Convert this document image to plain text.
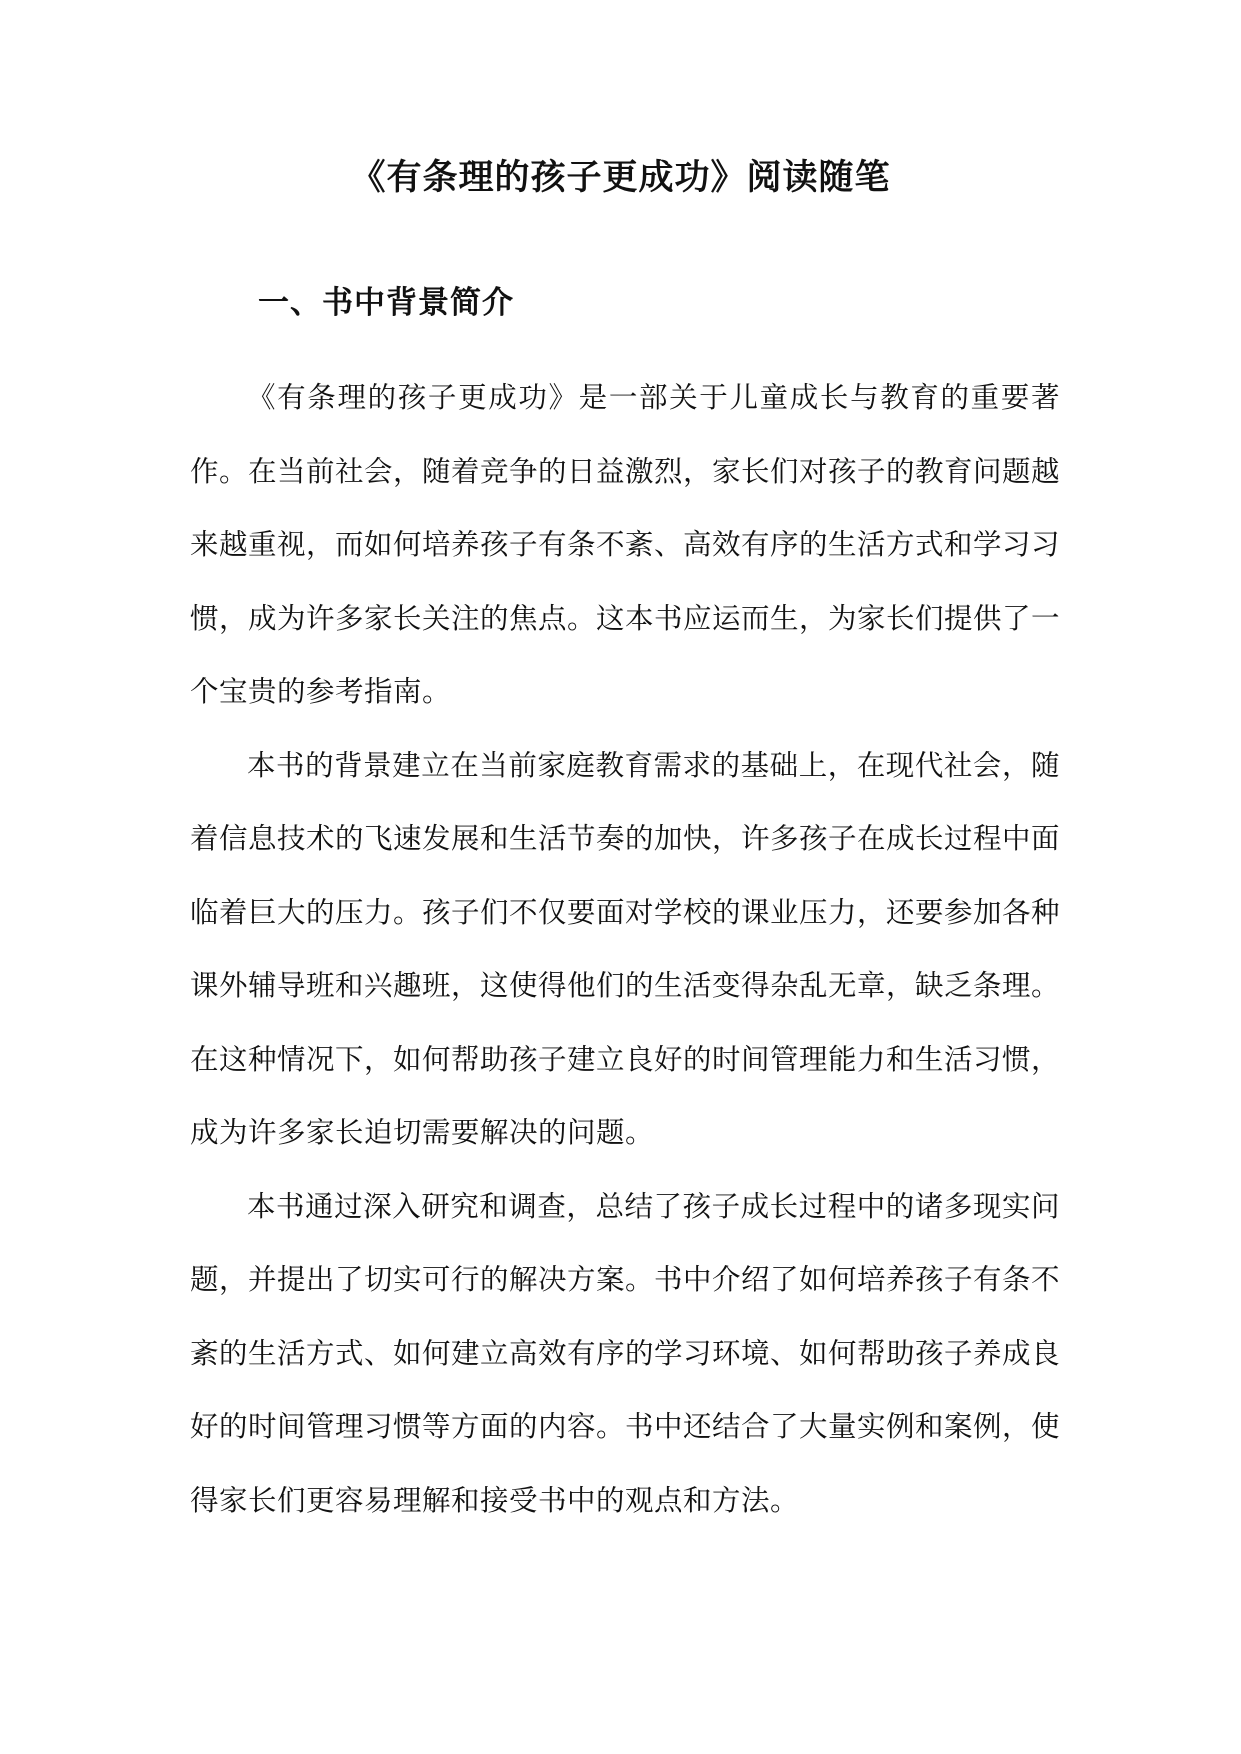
《有条理的孩子更成功》阅读随笔
一、书中背景简介

《有条理的孩子更成功》是一部关于儿童成长与教育的重要著作。在当前社会，随着竞争的日益激烈，家长们对孩子的教育问题越来越重视，而如何培养孩子有条不紊、高效有序的生活方式和学习习惯，成为许多家长关注的焦点。这本书应运而生，为家长们提供了一个宝贵的参考指南。

本书的背景建立在当前家庭教育需求的基础上，在现代社会，随着信息技术的飞速发展和生活节奏的加快，许多孩子在成长过程中面临着巨大的压力。孩子们不仅要面对学校的课业压力，还要参加各种课外辅导班和兴趣班，这使得他们的生活变得杂乱无章，缺乏条理。在这种情况下，如何帮助孩子建立良好的时间管理能力和生活习惯，成为许多家长迫切需要解决的问题。

本书通过深入研究和调查，总结了孩子成长过程中的诸多现实问题，并提出了切实可行的解决方案。书中介绍了如何培养孩子有条不紊的生活方式、如何建立高效有序的学习环境、如何帮助孩子养成良好的时间管理习惯等方面的内容。书中还结合了大量实例和案例，使得家长们更容易理解和接受书中的观点和方法。
